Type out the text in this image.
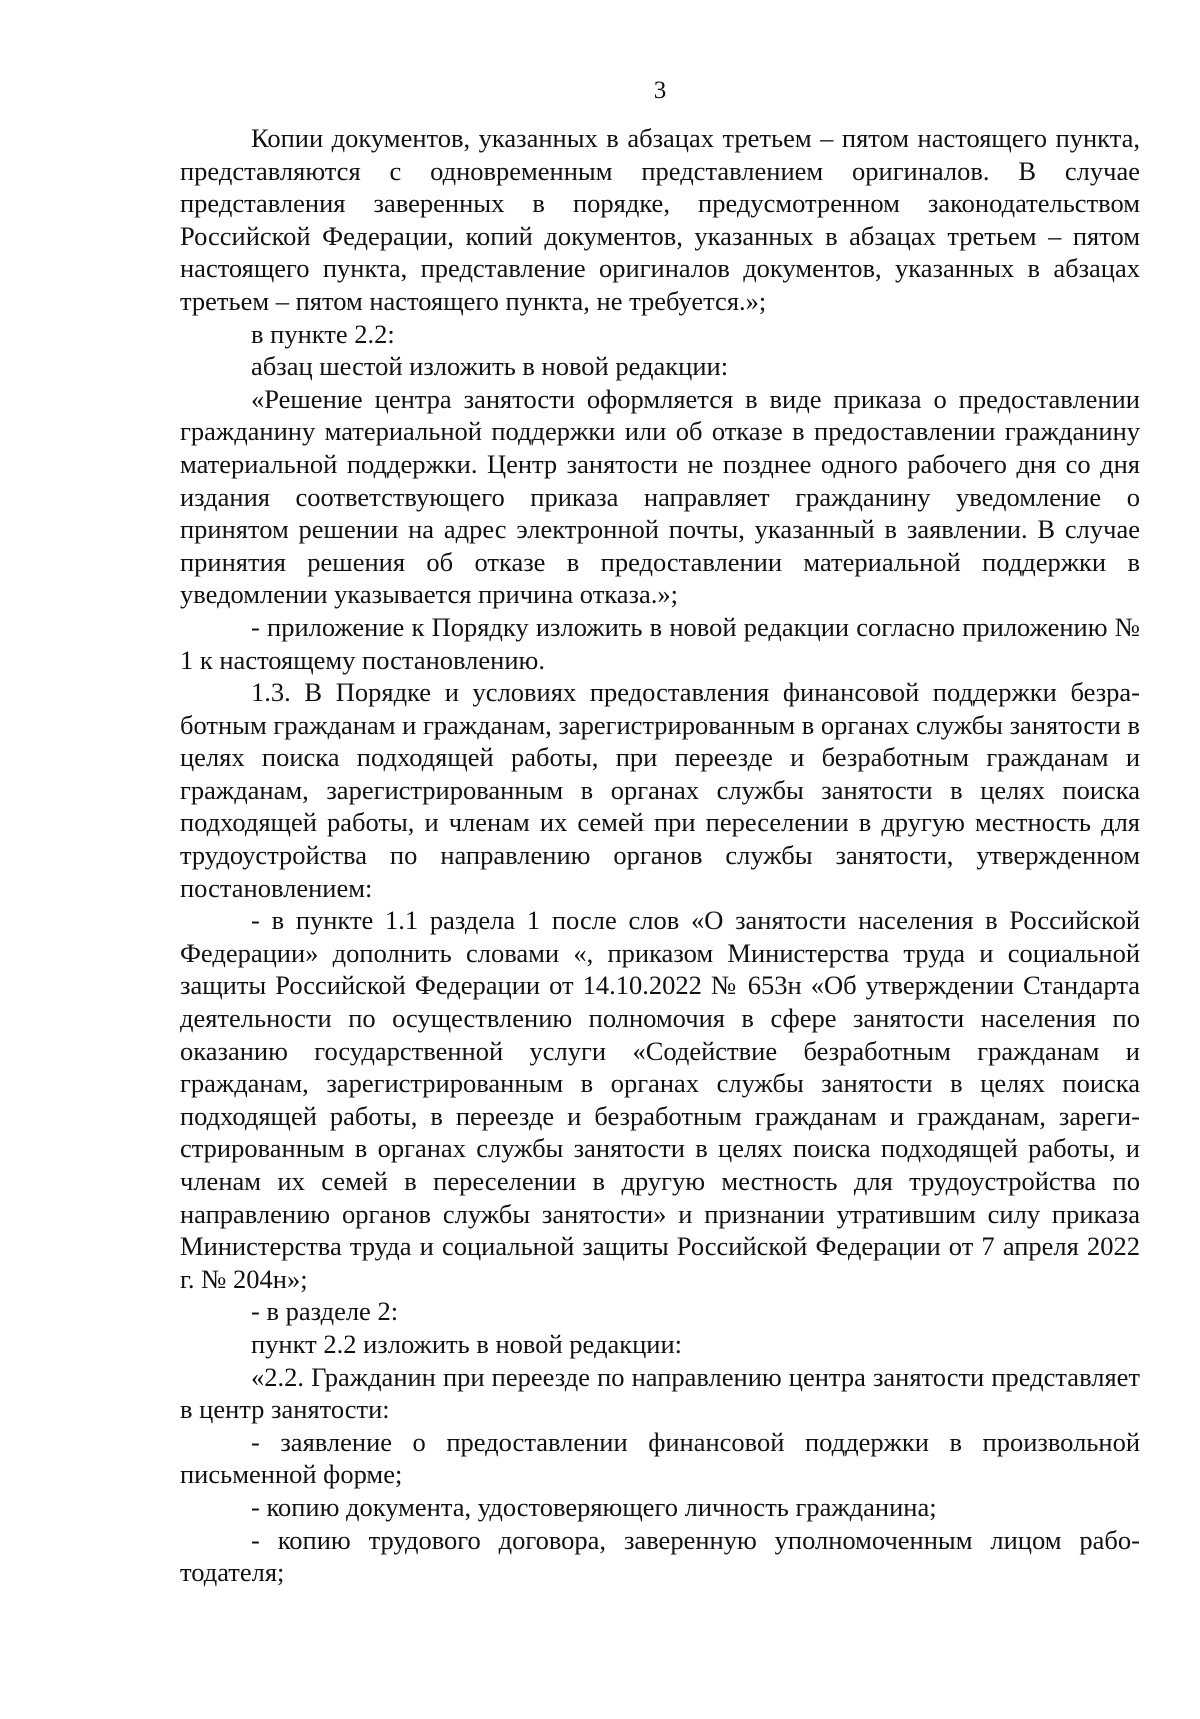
3

Копии документов, указанных в абзацах третьем – пятом настоящего пункта, представляются с одновременным представлением оригиналов. В случае представления заверенных в порядке, предусмотренном законодательством Российской Федерации, копий документов, указанных в абзацах третьем – пятом настоящего пункта, представление оригиналов документов, указанных в абзацах третьем – пятом настоящего пункта, не требуется.»;

в пункте 2.2:

абзац шестой изложить в новой редакции:

«Решение центра занятости оформляется в виде приказа о предоставлении гражданину материальной поддержки или об отказе в предоставлении гражданину материальной поддержки. Центр занятости не позднее одного рабочего дня со дня издания соответствующего приказа направляет гражданину уведомление о принятом решении на адрес электронной почты, указанный в заявлении. В случае принятия решения об отказе в предоставлении материальной поддержки в уведомлении указывается причина отказа.»;

- приложение к Порядку изложить в новой редакции согласно приложению № 1 к настоящему постановлению.

1.3. В Порядке и условиях предоставления финансовой поддержки безработным гражданам и гражданам, зарегистрированным в органах службы занятости в целях поиска подходящей работы, при переезде и безработным гражданам и гражданам, зарегистрированным в органах службы занятости в целях поиска подходящей работы, и членам их семей при переселении в другую местность для трудоустройства по направлению органов службы занятости, утвержденном постановлением:

- в пункте 1.1 раздела 1 после слов «О занятости населения в Российской Федерации» дополнить словами «, приказом Министерства труда и социальной защиты Российской Федерации от 14.10.2022 № 653н «Об утверждении Стандарта деятельности по осуществлению полномочия в сфере занятости населения по оказанию государственной услуги «Содействие безработным гражданам и гражданам, зарегистрированным в органах службы занятости в целях поиска подходящей работы, в переезде и безработным гражданам и гражданам, зарегистрированным в органах службы занятости в целях поиска подходящей работы, и членам их семей в переселении в другую местность для трудоустройства по направлению органов службы занятости» и признании утратившим силу приказа Министерства труда и социальной защиты Российской Федерации от 7 апреля 2022 г. № 204н»;

- в разделе 2:

пункт 2.2 изложить в новой редакции:

«2.2. Гражданин при переезде по направлению центра занятости представляет в центр занятости:

- заявление о предоставлении финансовой поддержки в произвольной письменной форме;

- копию документа, удостоверяющего личность гражданина;

- копию трудового договора, заверенную уполномоченным лицом работодателя;
